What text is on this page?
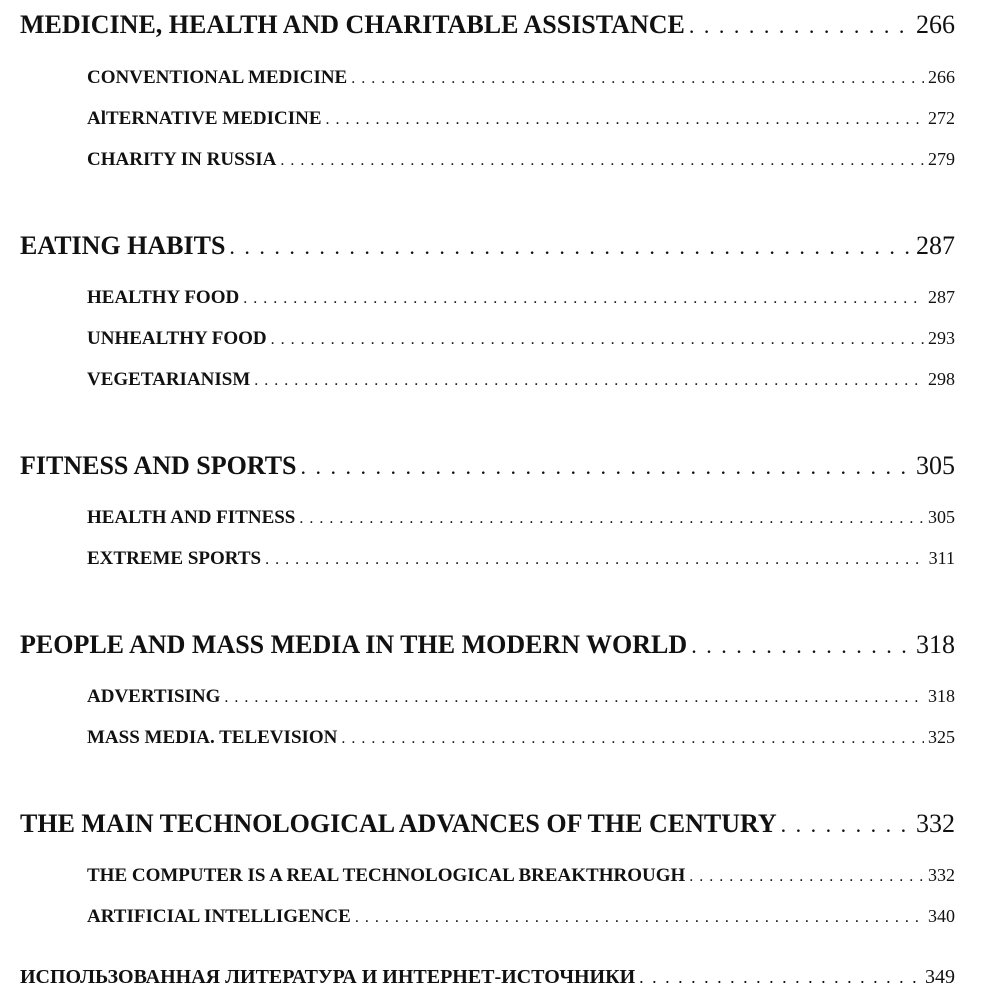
MEDICINE, HEALTH AND CHARITABLE ASSISTANCE . . .	266
CONVENTIONAL MEDICINE . . .	266
AlTERNATIVE MEDICINE . . .	272
CHARITY IN RUSSIA . . .	279
EATING HABITS . . .	287
HEALTHY FOOD . . .	287
UNHEALTHY FOOD . . .	293
VEGETARIANISM . . .	298
FITNESS AND SPORTS . . .	305
HEALTH AND FITNESS . . .	305
EXTREME SPORTS . . .	311
PEOPLE AND MASS MEDIA IN THE MODERN WORLD . . .	318
ADVERTISING . . .	318
MASS MEDIA. TELEVISION . . .	325
THE MAIN TECHNOLOGICAL ADVANCES OF THE CENTURY . . .	332
THE COMPUTER IS A REAL TECHNOLOGICAL BREAKTHROUGH . . .	332
ARTIFICIAL INTELLIGENCE . . .	340
ИСПОЛЬЗОВАННАЯ ЛИТЕРАТУРА И ИНТЕРНЕТ-ИСТОЧНИКИ . . .	349
